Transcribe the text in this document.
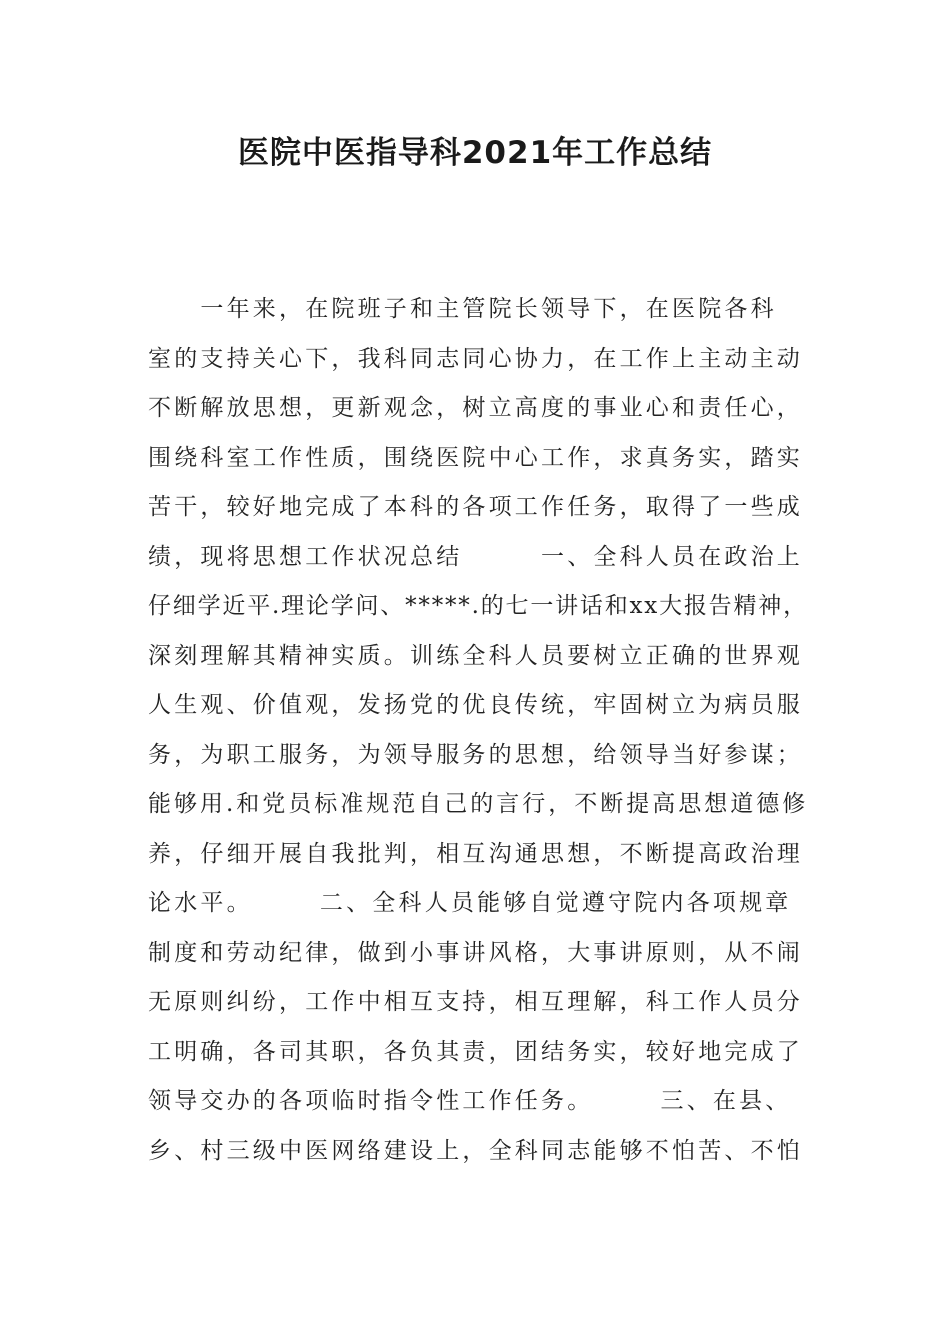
医院中医指导科2021年工作总结
　　一年来，在院班子和主管院长领导下，在医院各科
室的支持关心下，我科同志同心协力，在工作上主动主动
不断解放思想，更新观念，树立高度的事业心和责任心，
围绕科室工作性质，围绕医院中心工作，求真务实，踏实
苦干，较好地完成了本科的各项工作任务，取得了一些成
绩，现将思想工作状况总结　　　一、全科人员在政治上
仔细学近平.理论学问、*****.的七一讲话和xx大报告精神，
深刻理解其精神实质。训练全科人员要树立正确的世界观
人生观、价值观，发扬党的优良传统，牢固树立为病员服
务，为职工服务，为领导服务的思想，给领导当好参谋；
能够用.和党员标准规范自己的言行，不断提高思想道德修
养，仔细开展自我批判，相互沟通思想，不断提高政治理
论水平。　　　二、全科人员能够自觉遵守院内各项规章
制度和劳动纪律，做到小事讲风格，大事讲原则，从不闹
无原则纠纷，工作中相互支持，相互理解，科工作人员分
工明确，各司其职，各负其责，团结务实，较好地完成了
领导交办的各项临时指令性工作任务。　　　三、在县、
乡、村三级中医网络建设上，全科同志能够不怕苦、不怕
